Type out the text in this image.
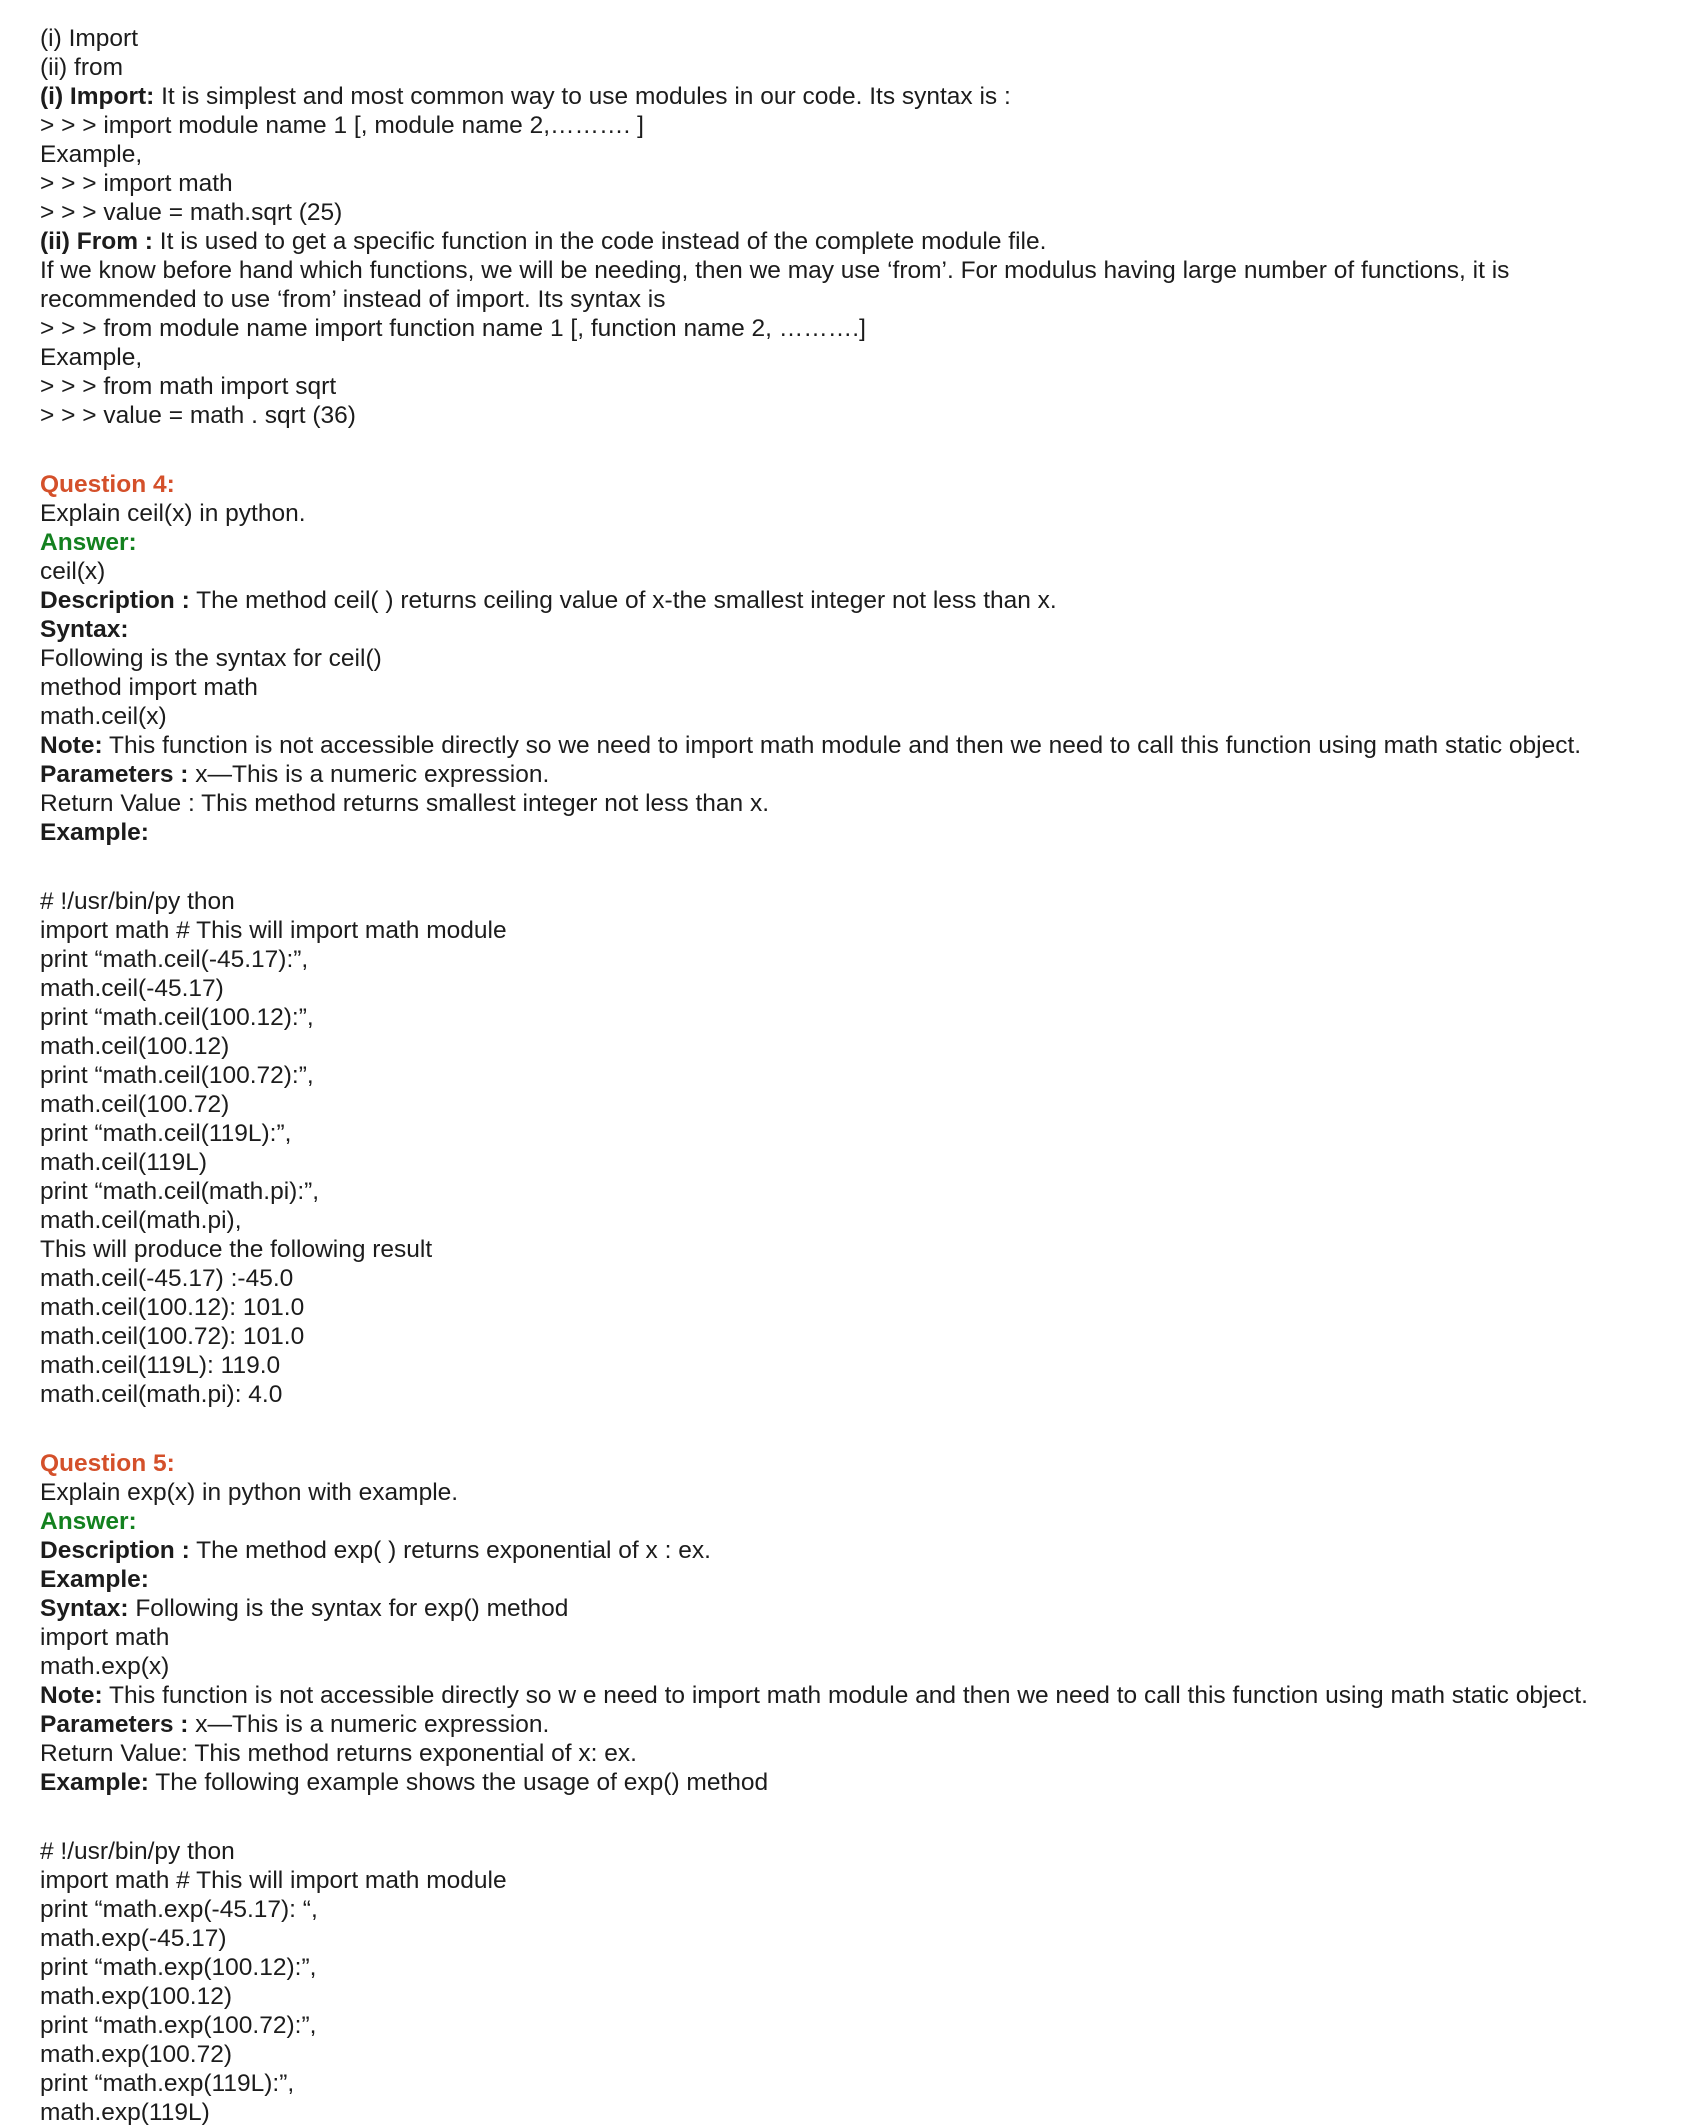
(i) Import
(ii) from
(i) Import: It is simplest and most common way to use modules in our code. Its syntax is :
> > > import module name 1 [, module name 2,………. ]
Example,
> > > import math
> > > value = math.sqrt (25)
(ii) From : It is used to get a specific function in the code instead of the complete module file.
If we know before hand which functions, we will be needing, then we may use ‘from’. For modulus having large number of functions, it is
recommended to use ‘from’ instead of import. Its syntax is
> > > from module name import function name 1 [, function name 2, ……….]
Example,
> > > from math import sqrt
> > > value = math . sqrt (36)
Question 4:
Explain ceil(x) in python.
Answer:
ceil(x)
Description : The method ceil( ) returns ceiling value of x-the smallest integer not less than x.
Syntax:
Following is the syntax for ceil()
method import math
math.ceil(x)
Note: This function is not accessible directly so we need to import math module and then we need to call this function using math static object.
Parameters : x—This is a numeric expression.
Return Value : This method returns smallest integer not less than x.
Example:
# !/usr/bin/py thon
import math # This will import math module
print “math.ceil(-45.17):”,
math.ceil(-45.17)
print “math.ceil(100.12):”,
math.ceil(100.12)
print “math.ceil(100.72):”,
math.ceil(100.72)
print “math.ceil(119L):”,
math.ceil(119L)
print “math.ceil(math.pi):”,
math.ceil(math.pi),
This will produce the following result
math.ceil(-45.17) :-45.0
math.ceil(100.12): 101.0
math.ceil(100.72): 101.0
math.ceil(119L): 119.0
math.ceil(math.pi): 4.0
Question 5:
Explain exp(x) in python with example.
Answer:
Description : The method exp( ) returns exponential of x : ex.
Example:
Syntax: Following is the syntax for exp() method
import math
math.exp(x)
Note: This function is not accessible directly so w e need to import math module and then we need to call this function using math static object.
Parameters : x—This is a numeric expression.
Return Value: This method returns exponential of x: ex.
Example: The following example shows the usage of exp() method
# !/usr/bin/py thon
import math # This will import math module
print “math.exp(-45.17): “,
math.exp(-45.17)
print “math.exp(100.12):”,
math.exp(100.12)
print “math.exp(100.72):”,
math.exp(100.72)
print “math.exp(119L):”,
math.exp(119L)
